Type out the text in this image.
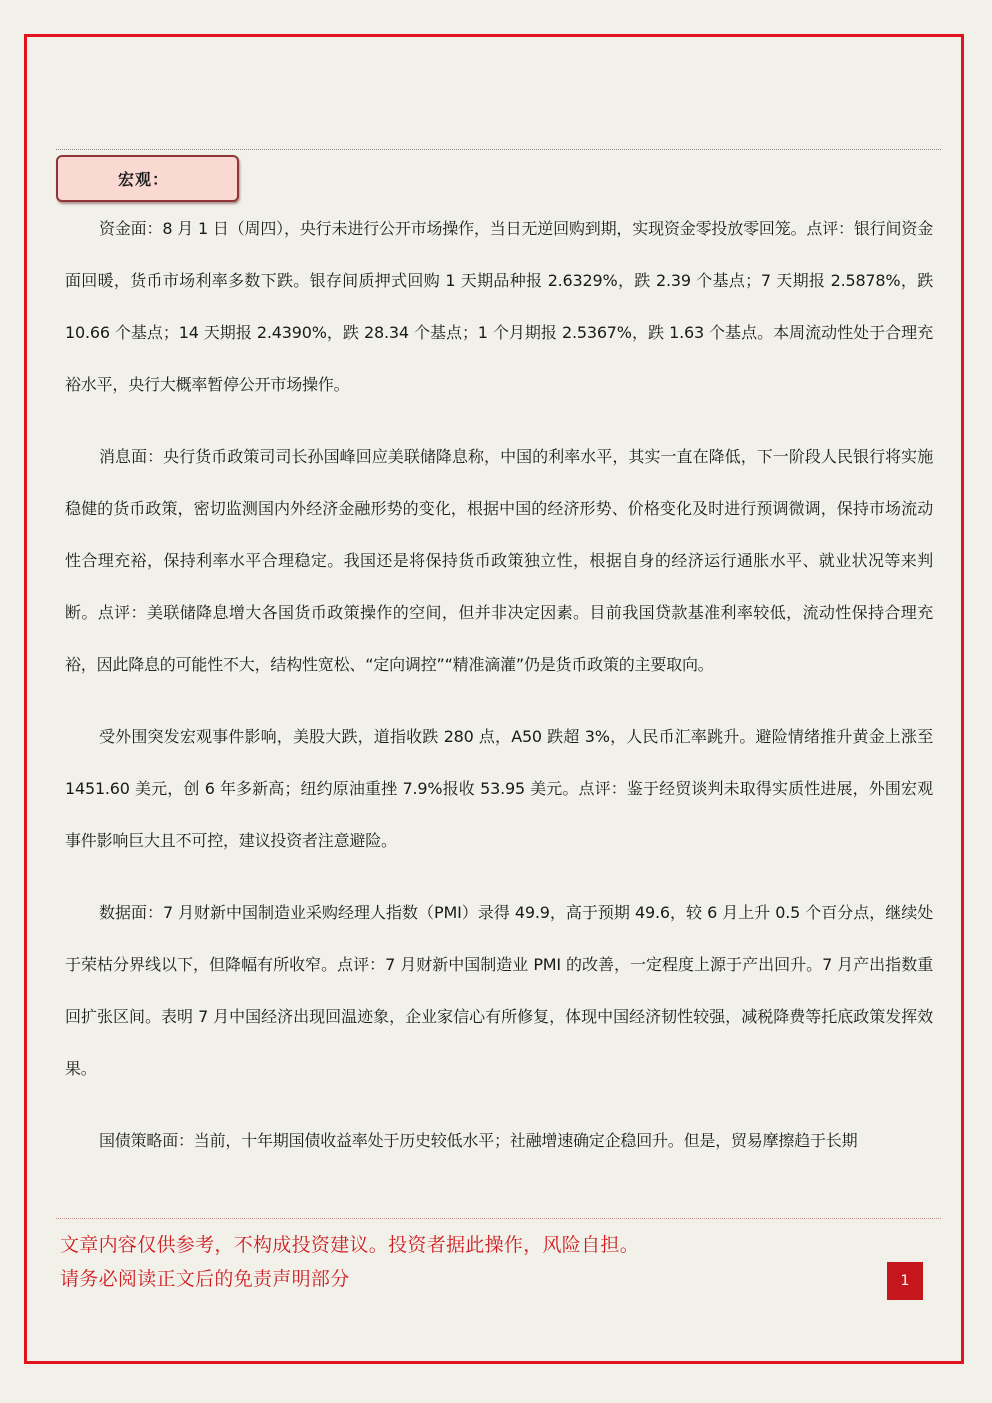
宏观：

资金面：8 月 1 日（周四），央行未进行公开市场操作，当日无逆回购到期，实现资金零投放零回笼。点评：银行间资金面回暖，货币市场利率多数下跌。银存间质押式回购 1 天期品种报 2.6329%，跌 2.39 个基点；7 天期报 2.5878%，跌 10.66 个基点；14 天期报 2.4390%，跌 28.34 个基点；1 个月期报 2.5367%，跌 1.63 个基点。本周流动性处于合理充裕水平，央行大概率暂停公开市场操作。

消息面：央行货币政策司司长孙国峰回应美联储降息称，中国的利率水平，其实一直在降低，下一阶段人民银行将实施稳健的货币政策，密切监测国内外经济金融形势的变化，根据中国的经济形势、价格变化及时进行预调微调，保持市场流动性合理充裕，保持利率水平合理稳定。我国还是将保持货币政策独立性，根据自身的经济运行通胀水平、就业状况等来判断。点评：美联储降息增大各国货币政策操作的空间，但并非决定因素。目前我国贷款基准利率较低，流动性保持合理充裕，因此降息的可能性不大，结构性宽松、“定向调控”“精准滴灌”仍是货币政策的主要取向。

受外围突发宏观事件影响，美股大跌，道指收跌 280 点，A50 跌超 3%，人民币汇率跳升。避险情绪推升黄金上涨至 1451.60 美元，创 6 年多新高；纽约原油重挫 7.9%报收 53.95 美元。点评：鉴于经贸谈判未取得实质性进展，外围宏观事件影响巨大且不可控，建议投资者注意避险。

数据面：7 月财新中国制造业采购经理人指数（PMI）录得 49.9，高于预期 49.6，较 6 月上升 0.5 个百分点，继续处于荣枯分界线以下，但降幅有所收窄。点评：7 月财新中国制造业 PMI 的改善，一定程度上源于产出回升。7 月产出指数重回扩张区间。表明 7 月中国经济出现回温迹象，企业家信心有所修复，体现中国经济韧性较强，减税降费等托底政策发挥效果。

国债策略面：当前，十年期国债收益率处于历史较低水平；社融增速确定企稳回升。但是，贸易摩擦趋于长期

文章内容仅供参考，不构成投资建议。投资者据此操作，风险自担。
请务必阅读正文后的免责声明部分	1
